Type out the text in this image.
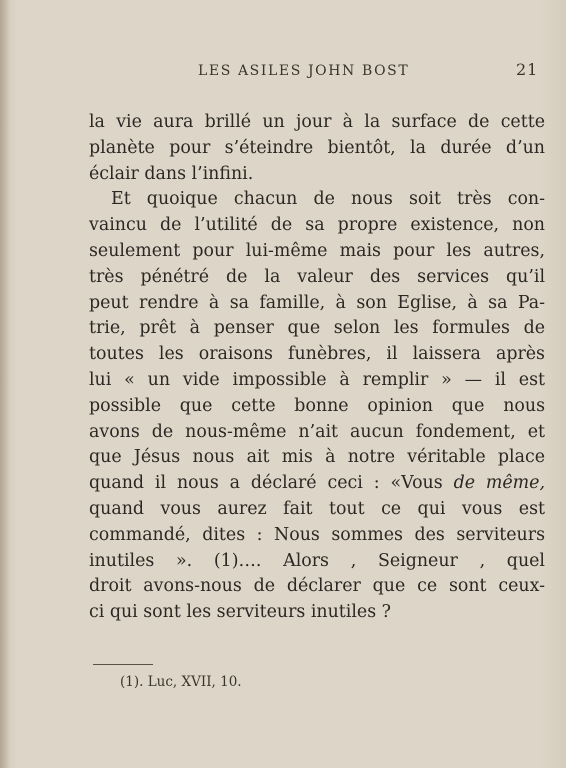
LES ASILES JOHN BOST	21
la vie aura brillé un jour à la surface de cette
planète pour s’éteindre bientôt, la durée d’un
éclair dans l’infini.
Et quoique chacun de nous soit très con-
vaincu de l’utilité de sa propre existence, non
seulement pour lui-même mais pour les autres,
très pénétré de la valeur des services qu’il
peut rendre à sa famille, à son Eglise, à sa Pa-
trie, prêt à penser que selon les formules de
toutes les oraisons funèbres, il laissera après
lui « un vide impossible à remplir » — il est
possible que cette bonne opinion que nous
avons de nous-même n’ait aucun fondement, et
que Jésus nous ait mis à notre véritable place
quand il nous a déclaré ceci : «Vous de même,
quand vous aurez fait tout ce qui vous est
commandé, dites : Nous sommes des serviteurs
inutiles ». (1)…. Alors , Seigneur , quel
droit avons-nous de déclarer que ce sont ceux-
ci qui sont les serviteurs inutiles ?
(1). Luc, XVII, 10.
